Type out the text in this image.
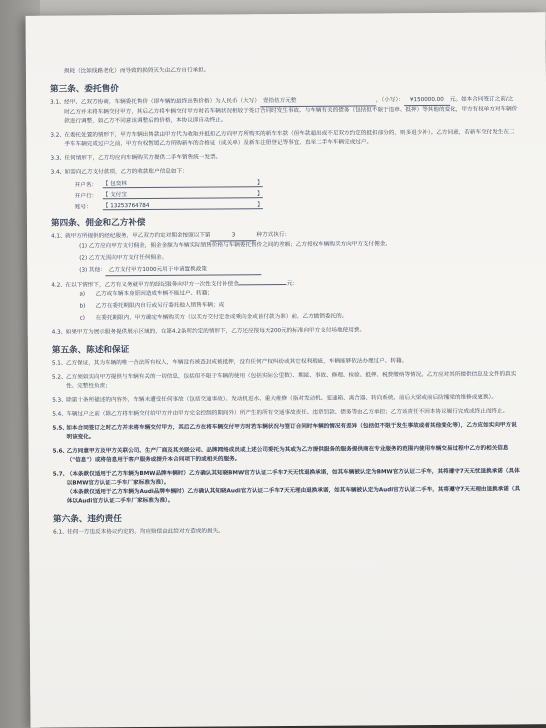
损耗（比如线路老化）而导致的损毁灭失由乙方自行承担。
第三条、委托售价
3.1、 经甲、乙双方协商，车辆委托售价（即车辆的最终出售价格）为人民币（大写） 壹拾伍万元整	，（小写）： ¥150000.00 元。如本合同签订之前/之时乙方并未将车辆交付甲方，其后乙方将车辆交付甲方时若车辆状况相较于签订合同时发生事故、与车辆有关的债务（包括但不限于违章、抵押）等其他的变化，甲方有权单方对车辆价款进行调整，如乙方不同意该调整后的价格，本协议即自动终止。
3.2、 在委托处置的情形下，甲方车辆出售款由甲方代为收取并抵扣乙方向甲方所购买的新车车款（但车款超出或不足双方约定的抵扣部分的，则多退少补）。乙方同意，若新车交付发生在二手车车辆完成过户之前，甲方有权暂缓乙方所购新车的合格证（或关单）及新车注册登记等事宜，直至二手车车辆完成过户。
3.3、 任何情形下，乙方均应向车辆购买方提供二手车销售统一发票。
3.4、 如需向乙方支付款项，乙方的收款账户信息如下：
开户名： 【 包奕林	】
开户行： 【 支付宝	】
账号：	【 13253764784	】
第四条、佣金和乙方补偿
4.1、 就甲方所提供的经纪服务，甲乙双方约定对佣金按照以下第	3	种方式执行：
(1) 乙方应向甲方支付佣金，佣金金额为车辆实际销售价格与车辆委托售价之间的差额；乙方授权车辆购买方向甲方支付佣金。
(2) 乙方无需向甲方支付任何佣金。
(3) 其他： 乙方支付甲方1000元用于申请置换政策
4.2、 在以下情形下，乙方有义务就甲方的经纪服务向甲方一次性支付补偿金	元：
a)	乙方或车辆本身原因造成车辆不能过户、转籍；
b)	乙方在委托期限内自行或另行委托他人销售车辆；或
c)	在委托期限内，甲方确定车辆购买方（以买方交付定金或乘向金或首付款为准）前，乙方撤销委托的。
4.3、 如果甲方为展示服务提供展示区域的，在第4.2条所约定的情形下，乙方还应按每天200元的标准向甲方支付场地使用费。
第五条、陈述和保证
5.1、 乙方保证，其为车辆的唯一合法所有权人，车辆没有被查封或被抵押，没有任何产权纠纷或其它权利瑕疵，车辆能够依法办理过户、转籍。
5.2、 乙方须如实向甲方提供与车辆有关的一切信息，包括但不限于车辆的使用（包括实际公里数）、期匿、事故、修理、检验、抵押、税费缴纳等情况。乙方应对其所提供信息及文件的真实性、完整性负责；
5.3、 除第十条所描述的内容外，车辆未遭受任何事故（包括交通事故）、发动机进水、重大维修（指对发动机、变速箱、离合器、转向系统、前后大梁或前后防撞梁的维修或更换）。
5.4、 车辆过户之前（除乙方将车辆交付给甲方并由甲方完全控制的期间外）所产生的所有交通事故责任、违章罚款、债务等由乙方承担；乙方该责任不因本协议履行完成或终止而终止。
5.5、
如本合同签订之时乙方并未将车辆交付甲方，其后乙方在将车辆交付甲方时若车辆状况与签订合同时车辆的情况有差异（包括但不限于发生事故或者其他变化等），乙方应如实向甲方说明该变化。
5.6、
乙方同意甲方及甲方关联公司、生产厂商及其关联公司、品牌网络成员或上述公司委托为其或为乙方提供服务的服务提供商在专业服务的范围内使用车辆交易过程中乙方的相关信息（"信息"）或将信息用于客户服务或提升本合同项下的或相关的服务。
5.7、
（本条款仅适用于乙方车辆为BMW品牌车辆时）乙方确认其知晓BMW官方认证二手车7天无忧退换承诺，如其车辆被认定为BMW官方认证二手车，其将遵守7天无忧退换承诺（具体以BMW官方认证二手车厂家标准为准）。
（本条款仅适用于乙方车辆为Audi品牌车辆时）乙方确认其知晓Audi官方认证二手车7天无理由退换承诺，如其车辆被认定为Audi官方认证二手车，其将遵守7天无理由退换承诺（具体以Audi官方认证二手车厂家标准为准）。
第六条、违约责任
6.1、 任何一方违反本协议约定的，均应赔偿由此给对方造成的损失。
